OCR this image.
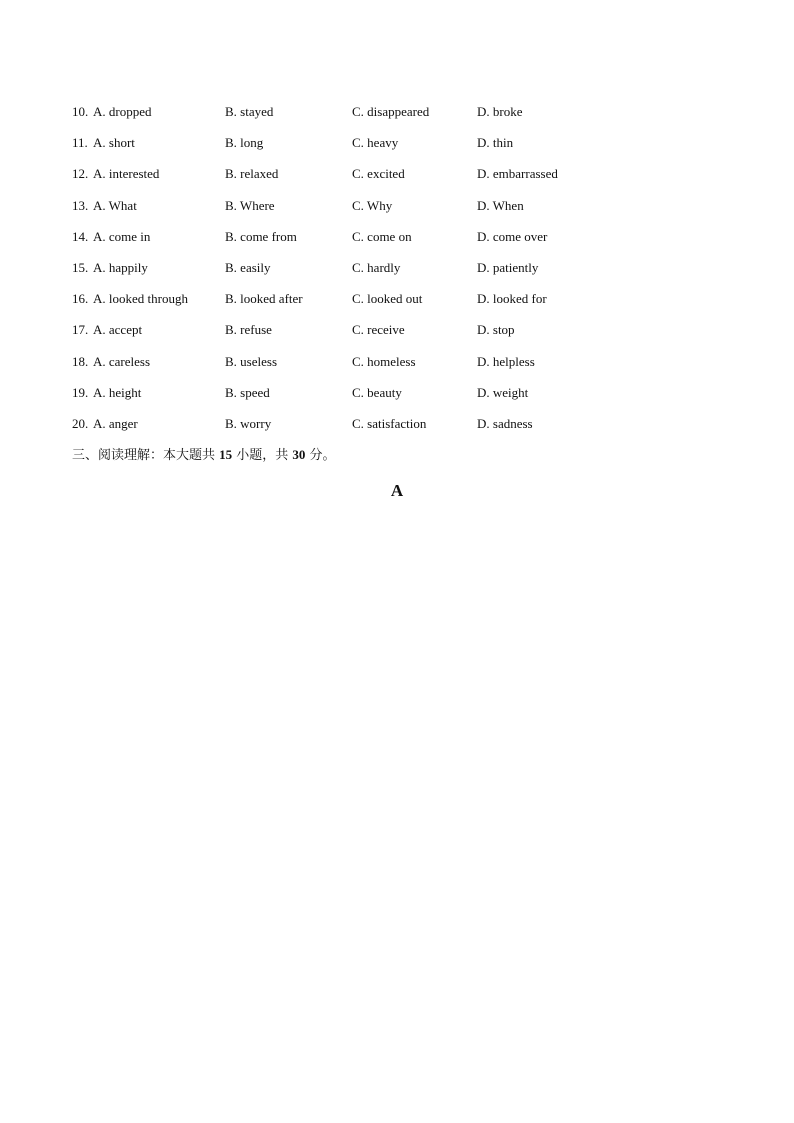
10. A. dropped	B. stayed	C. disappeared	D. broke
11. A. short	B. long	C. heavy	D. thin
12. A. interested	B. relaxed	C. excited	D. embarrassed
13. A. What	B. Where	C. Why	D. When
14. A. come in	B. come from	C. come on	D. come over
15. A. happily	B. easily	C. hardly	D. patiently
16. A. looked through	B. looked after	C. looked out	D. looked for
17. A. accept	B. refuse	C. receive	D. stop
18. A. careless	B. useless	C. homeless	D. helpless
19. A. height	B. speed	C. beauty	D. weight
20. A. anger	B. worry	C. satisfaction	D. sadness
三、阅读理解：本大题共 15 小题，共 30 分。
A
